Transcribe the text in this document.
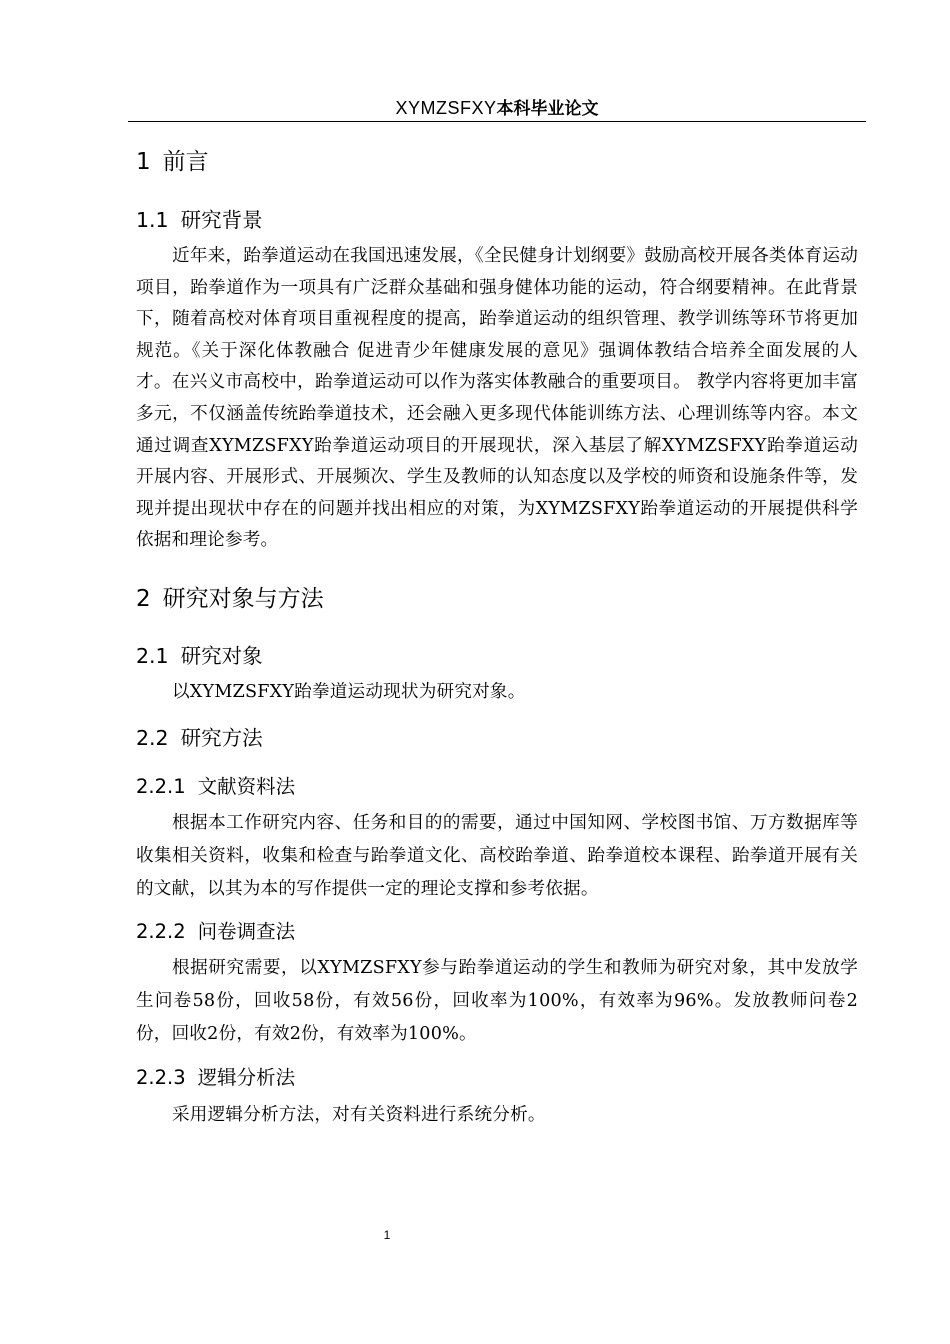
XYMZSFXY本科毕业论文
1 前言
1.1 研究背景

近年来，跆拳道运动在我国迅速发展，《全民健身计划纲要》鼓励高校开展各类体育运动项目，跆拳道作为一项具有广泛群众基础和强身健体功能的运动，符合纲要精神。在此背景下，随着高校对体育项目重视程度的提高，跆拳道运动的组织管理、教学训练等环节将更加规范。《关于深化体教融合 促进青少年健康发展的意见》强调体教结合培养全面发展的人才。在兴义市高校中，跆拳道运动可以作为落实体教融合的重要项目。 教学内容将更加丰富多元，不仅涵盖传统跆拳道技术，还会融入更多现代体能训练方法、心理训练等内容。本文通过调查XYMZSFXY跆拳道运动项目的开展现状，深入基层了解XYMZSFXY跆拳道运动开展内容、开展形式、开展频次、学生及教师的认知态度以及学校的师资和设施条件等，发现并提出现状中存在的问题并找出相应的对策，为XYMZSFXY跆拳道运动的开展提供科学依据和理论参考。

2 研究对象与方法
2.1 研究对象

以XYMZSFXY跆拳道运动现状为研究对象。

2.2 研究方法
2.2.1 文献资料法

根据本工作研究内容、任务和目的的需要，通过中国知网、学校图书馆、万方数据库等收集相关资料，收集和检查与跆拳道文化、高校跆拳道、跆拳道校本课程、跆拳道开展有关的文献，以其为本的写作提供一定的理论支撑和参考依据。

2.2.2 问卷调查法

根据研究需要，以XYMZSFXY参与跆拳道运动的学生和教师为研究对象，其中发放学生问卷58份，回收58份，有效56份，回收率为100%，有效率为96%。发放教师问卷2份，回收2份，有效2份，有效率为100%。

2.2.3 逻辑分析法

采用逻辑分析方法，对有关资料进行系统分析。

1
